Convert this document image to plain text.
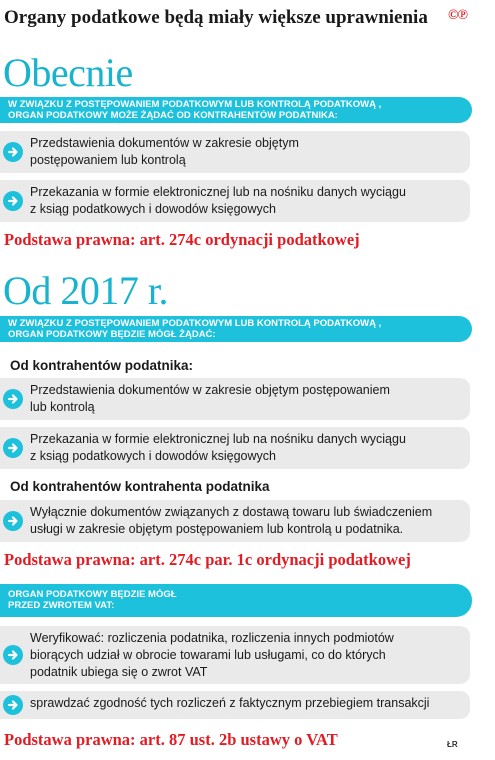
Organy podatkowe będą miały większe uprawnienia	©℗
Obecnie
W ZWIĄZKU Z POSTĘPOWANIEM PODATKOWYM LUB KONTROLĄ PODATKOWĄ ,
ORGAN PODATKOWY MOŻE ŻĄDAĆ OD KONTRAHENTÓW PODATNIKA:
Przedstawienia dokumentów w zakresie objętym
postępowaniem lub kontrolą
Przekazania w formie elektronicznej lub na nośniku danych wyciągu
z ksiąg podatkowych i dowodów księgowych
Podstawa prawna: art. 274c ordynacji podatkowej
Od 2017 r.
W ZWIĄZKU Z POSTĘPOWANIEM PODATKOWYM LUB KONTROLĄ PODATKOWĄ ,
ORGAN PODATKOWY BĘDZIE MÓGŁ ŻĄDAĆ:
Od kontrahentów podatnika:
Przedstawienia dokumentów w zakresie objętym postępowaniem
lub kontrolą
Przekazania w formie elektronicznej lub na nośniku danych wyciągu
z ksiąg podatkowych i dowodów księgowych
Od kontrahentów kontrahenta podatnika
Wyłącznie dokumentów związanych z dostawą towaru lub świadczeniem
usługi w zakresie objętym postępowaniem lub kontrolą u podatnika.
Podstawa prawna: art. 274c par. 1c ordynacji podatkowej
ORGAN PODATKOWY BĘDZIE MÓGŁ
PRZED ZWROTEM VAT:
Weryfikować: rozliczenia podatnika, rozliczenia innych podmiotów
biorących udział w obrocie towarami lub usługami, co do których
podatnik ubiega się o zwrot VAT
sprawdzać zgodność tych rozliczeń z faktycznym przebiegiem transakcji
Podstawa prawna: art. 87 ust. 2b ustawy o VAT	ŁR
